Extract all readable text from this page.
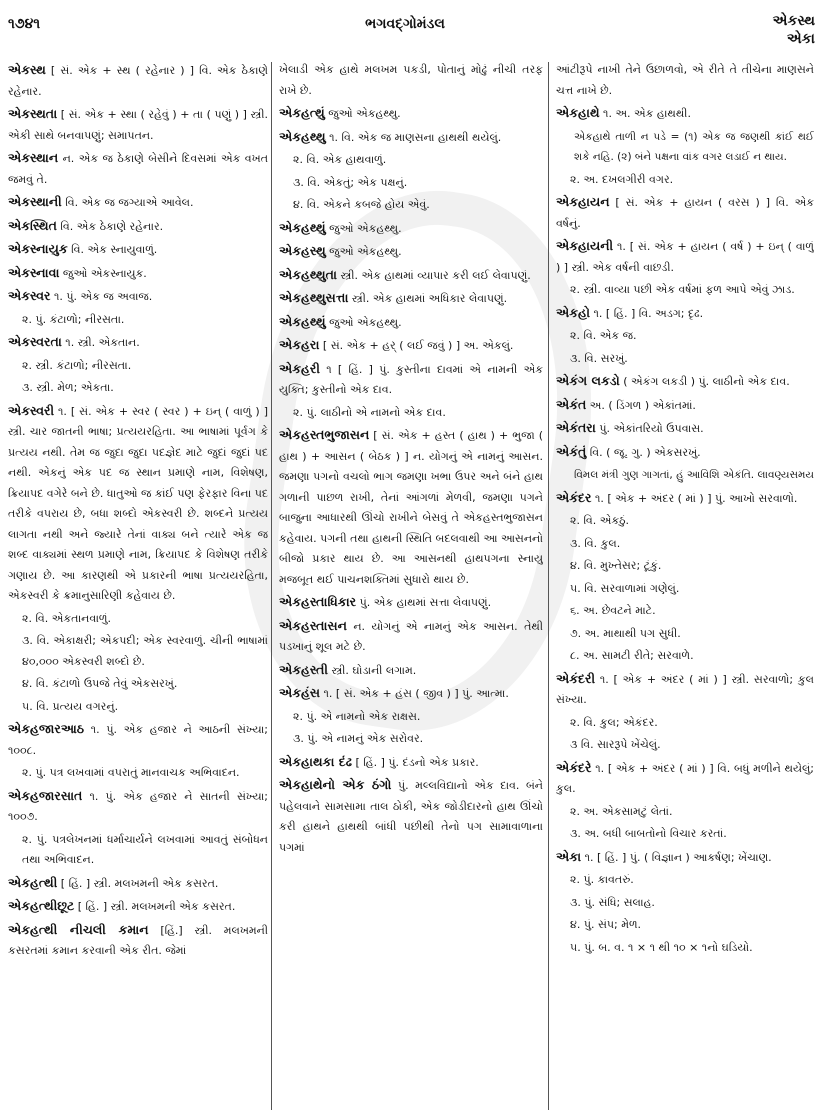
૧૭૪૧	ભગવદ્ગોમંડલ	એકસ્થ
એકા

એકસ્થ [ સં. એક + સ્થ ( રહેનાર ) ] વિ. એક ઠેકાણે રહેનાર.

એકસ્થતા [ સં. એક + સ્થા ( રહેવું ) + તા ( પણું ) ] સ્ત્રી. એકી સાથે બનવાપણું; સમાપતન.

એકસ્થાન ન. એક જ ઠેકાણે બેસીને દિવસમાં એક વખત જમવું તે.

એકસ્થાની વિ. એક જ જગ્યાએ આવેલ.

એકસ્થિત વિ. એક ઠેકાણે રહેનાર.

એકસ્નાયુક વિ. એક સ્નાયુવાળું.

એકસ્નાવા જુઓ એકસ્નાયુક.

એકસ્વર ૧. પું. એક જ અવાજ.

૨. પું. કંટાળો; નીરસતા.

એકસ્વરતા ૧. સ્ત્રી. એકતાન.

૨. સ્ત્રી. કંટાળો; નીરસતા.

૩. સ્ત્રી. મેળ; એકતા.

એકસ્વરી ૧. [ સં. એક + સ્વર ( સ્વર ) + ઇન્ ( વાળું ) ] સ્ત્રી. ચાર જાતની ભાષા; પ્રત્યયરહિતા. આ ભાષામાં પૂર્વગ કે પ્રત્યય નથી. તેમ જ જુદા જુદા પદજ્ઞેદ માટે જુદાં જુદાં પદ નથી. એકનું એક પદ જ સ્થાન પ્રમાણે નામ, વિશેષણ, ક્રિયાપદ વગેરે બને છે. ધાતુઓ જ કાંઈ પણ ફેરફાર વિના પદ તરીકે વપરાય છે, બધા શબ્દો એકસ્વરી છે. શબ્દને પ્રત્યય લાગતા નથી અને જ્યારે તેનાં વાક્ય બને ત્યારે એક જ શબ્દ વાક્યમાં સ્થળ પ્રમાણે નામ, ક્રિયાપદ કે વિશેષણ તરીકે ગણાય છે. આ કારણથી એ પ્રકારની ભાષા પ્રત્યયરહિતા, એકસ્વરી કે ક્રમાનુસારિણી કહેવાય છે.

૨. વિ. એકતાનવાળું.

૩. વિ. એકાક્ષરી; એકપદી; એક સ્વરવાળું. ચીની ભાષામાં ૪૦,૦૦૦ એકસ્વરી શબ્દો છે.

૪. વિ. કંટાળો ઉપજે તેવું એકસરખું.

૫. વિ. પ્રત્યય વગરનું.

એકહજારઆઠ ૧. પું. એક હજાર ને આઠની સંખ્યા; ૧૦૦૮.

૨. પું. પત્ર લખવામાં વપરાતું માનવાચક અભિવાદન.

એકહજારસાત ૧. પું. એક હજાર ને સાતની સંખ્યા; ૧૦૦૭.

૨. પું. પત્રલેખનમાં ધર્માચાર્યને લખવામાં આવતું સંબોધન તથા અભિવાદન.

એકહત્થી [ હિં. ] સ્ત્રી. મલખમની એક કસરત.

એકહત્થીછૂટ [ હિં. ] સ્ત્રી. મલખમની એક કસરત.

એકહત્થી નીચલી કમાન [હિં.] સ્ત્રી. મલખમની કસરતમાં કમાન કરવાની એક રીત. જેમાં

ખેલાડી એક હાથે મલખમ પકડી, પોતાનું મોઢું નીચી તરફ રાખે છે.

એકહત્થું જુઓ એકહથ્થુ.

એકહથ્થુ ૧. વિ. એક જ માણસના હાથથી થયેલું.

૨. વિ. એક હાથવાળું.

૩. વિ. એકતું; એક પક્ષનું.

૪. વિ. એકને કબજે હોય એવું.

એકહથ્થું જુઓ એકહથ્થુ.

એકહસ્થુ જુઓ એકહથ્થુ.

એકહથ્થુતા સ્ત્રી. એક હાથમાં વ્યાપાર કરી લઈ લેવાપણું.

એકહથ્થુસત્તા સ્ત્રી. એક હાથમાં અધિકાર લેવાપણું.

એકહથ્થું જુઓ એકહથ્થુ.

એકહરા [ સં. એક + હર્ ( લઈ જવું ) ] અ. એકલું.

એકહરી ૧ [ હિં. ] પું. કુસ્તીના દાવમાં એ નામની એક યુક્તિ; કુસ્તીનો એક દાવ.

૨. પું. લાઠીનો એ નામનો એક દાવ.

એકહસ્તભુજાસન [ સં. એક + હસ્ત ( હાથ ) + ભુજા ( હાથ ) + આસન ( બેઠક ) ] ન. યોગનું એ નામનું આસન. જમણા પગનો વચલો ભાગ જમણા ખભા ઉપર અને બંને હાથ ગળાની પાછળ રાખી, તેનાં આંગળાં મેળવી, જમણા પગને બાજુના આધારથી ઊંચો રાખીને બેસવું તે એકહસ્તભુજાસન કહેવાય. પગની તથા હાથની સ્થિતિ બદલવાથી આ આસનનો બીજો પ્રકાર થાય છે. આ આસનથી હાથપગના સ્નાયુ મજબૂત થઈ પાચનશક્તિમાં સુધારો થાય છે.

એકહસ્તાધિકાર પું. એક હાથમાં સત્તા લેવાપણું.

એકહસ્તાસન ન. યોગનું એ નામનું એક આસન. તેથી પડખાનું શૂલ મટે છે.

એકહસ્તી સ્ત્રી. ઘોડાની લગામ.

એકહંસ ૧. [ સં. એક + હંસ ( જીવ ) ] પું. આત્મા.

૨. પું. એ નામનો એક રાક્ષસ.

૩. પું. એ નામનું એક સરોવર.

એકહાથકા દંઢ [ હિં. ] પું. દંડનો એક પ્રકાર.

એકહાથેનો એક ઠંગો પું. મલ્લવિદ્યાનો એક દાવ. બંને પહેલવાને સામસામા તાલ ઠોકી, એક જોડીદારનો હાથ ઊંચો કરી હાથને હાથથી બાંધી પછીથી તેનો પગ સામાવાળાના પગમાં

આંટીરૂપે નાખી તેને ઉછાળવો, એ રીતે તે તીચેના માણસને ચત્ત નાખે છે.

એકહાથે ૧. અ. એક હાથથી.

એકહાથે તાળી ન પડે = (૧) એક જ જણથી કાંઈ થઈ શકે નહિ. (૨) બંને પક્ષના વાંક વગર લડાઈ ન થાય.

૨. અ. દખલગીરી વગર.

એકહાયન [ સં. એક + હાયન ( વરસ ) ] વિ. એક વર્ષનું.

એકહાયની ૧. [ સં. એક + હાયન ( વર્ષ ) + ઇન્ ( વાળું ) ] સ્ત્રી. એક વર્ષની વાછડી.

૨. સ્ત્રી. વાવ્યા પછી એક વર્ષમાં ફળ આપે એવું ઝાડ.

એકહો ૧. [ હિં. ] વિ. અડગ; દૃઢ.

૨. વિ. એક જ.

૩. વિ. સરખું.

એકંગ લકડો ( એકંગ લકડી ) પું. લાઠીનો એક દાવ.

એકંત અ. ( ડિંગળ ) એકાંતમાં.

એકંતરા પું. એકાંતરિયો ઉપવાસ.

એકંતું વિ. ( જૂ. ગુ. ) એકસરખું.

વિમલ મંત્રી ગુણ ગાગતાં, હું આવિશિ એકંતિ. લાવણ્યસમય

એકંદર ૧. [ એક + અંદર ( માં ) ] પું. આખો સરવાળો.

૨. વિ. એકઠું.

૩. વિ. કુલ.

૪. વિ. મુખ્તેસર; ટૂંકું.

૫. વિ. સરવાળામાં ગણેલું.

૬. અ. છેવટને માટે.

૭. અ. માથાથી પગ સુધી.

૮. અ. સામટી રીતે; સરવાળે.

એકંદરી ૧. [ એક + અંદર ( માં ) ] સ્ત્રી. સરવાળો; કુલ સંખ્યા.

૨. વિ. કુલ; એકંદર.

૩ વિ. સારરૂપે ખેંચેલું.

એકંદરે ૧. [ એક + અંદર ( માં ) ] વિ. બધું મળીને થયેલું; કુલ.

૨. અ. એકસામટું લેતાં.

૩. અ. બધી બાબતોનો વિચાર કરતાં.

એકા ૧. [ હિં. ] પું. ( વિજ્ઞાન ) આકર્ષણ; ખેંચાણ.

૨. પું. કાવતરું.

૩. પું. સંધિ; સલાહ.

૪. પું. સંપ; મેળ.

૫. પું. બ. વ. ૧ × ૧ થી ૧૦ × ૧નો ઘડિયો.
